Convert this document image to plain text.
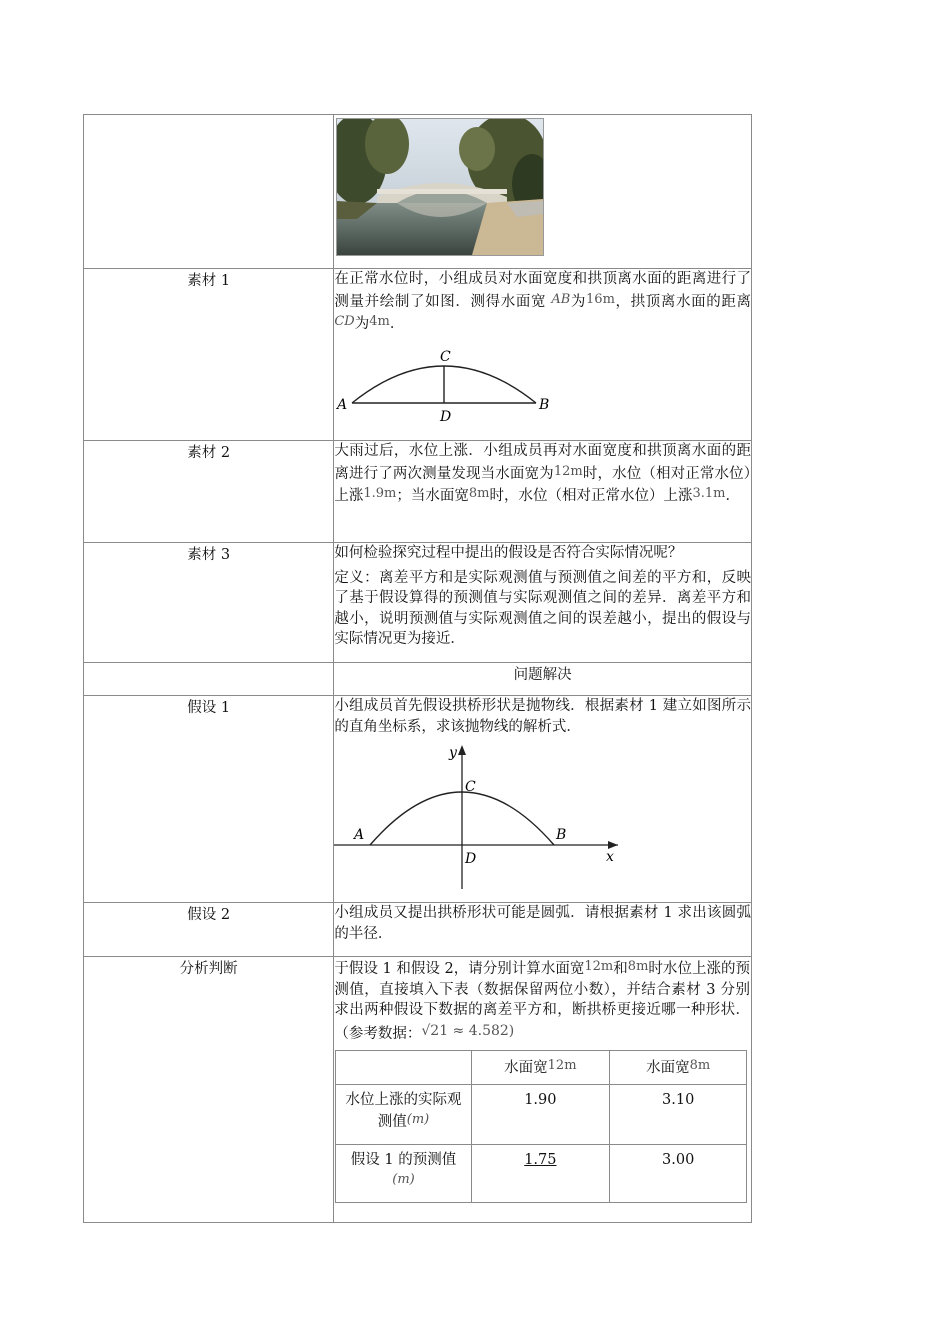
素材 1	在正常水位时，小组成员对水面宽度和拱顶离水面的距离进行了测量并绘制了如图．测得水面宽 AB为16m，拱顶离水面的距离CD为4m．

A	B
C
D

素材 2	大雨过后，水位上涨．小组成员再对水面宽度和拱顶离水面的距离进行了两次测量发现当水面宽为12m时，水位（相对正常水位）上涨1.9m；当水面宽8m时，水位（相对正常水位）上涨3.1m．

素材 3	如何检验探究过程中提出的假设是否符合实际情况呢？

定义：离差平方和是实际观测值与预测值之间差的平方和，反映了基于假设算得的预测值与实际观测值之间的差异．离差平方和越小，说明预测值与实际观测值之间的误差越小，提出的假设与实际情况更为接近．

	问题解决
假设 1	小组成员首先假设拱桥形状是抛物线．根据素材 1 建立如图所示的直角坐标系，求该抛物线的解析式．

y
x
A	B
C
D

假设 2	小组成员又提出拱桥形状可能是圆弧．请根据素材 1 求出该圆弧的半径．

分析判断	于假设 1 和假设 2，请分别计算水面宽12m和8m时水位上涨的预测值，直接填入下表（数据保留两位小数），并结合素材 3 分别求出两种假设下数据的离差平方和，断拱桥更接近哪一种形状．（参考数据：√21 ≈ 4.582)

	水面宽12m	水面宽8m
水位上涨的实际观测值(m)	1.90	3.10
假设 1 的预测值
(m)	1.75	3.00
